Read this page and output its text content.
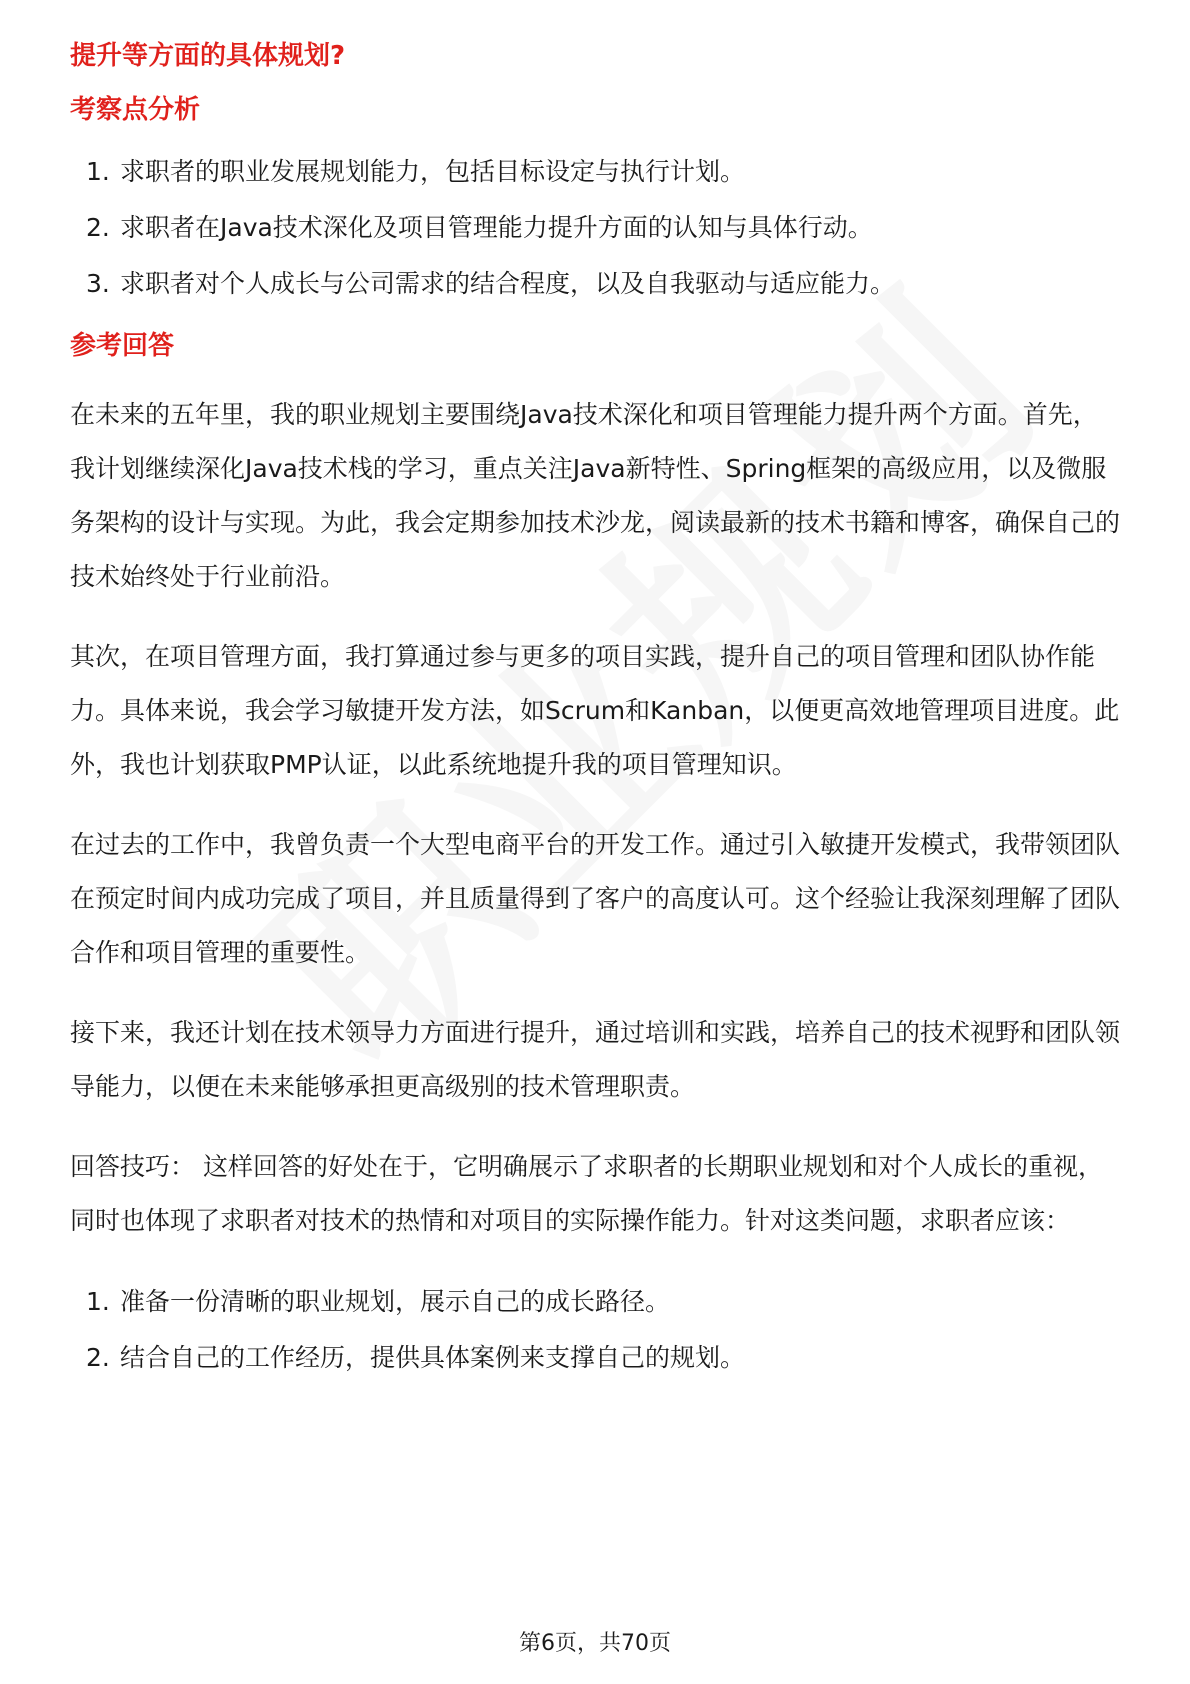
提升等方面的具体规划?
考察点分析
1. 求职者的职业发展规划能力，包括目标设定与执行计划。
2. 求职者在Java技术深化及项目管理能力提升方面的认知与具体行动。
3. 求职者对个人成长与公司需求的结合程度，以及自我驱动与适应能力。
参考回答

在未来的五年里，我的职业规划主要围绕Java技术深化和项目管理能力提升两个方面。首先，我计划继续深化Java技术栈的学习，重点关注Java新特性、Spring框架的高级应用，以及微服务架构的设计与实现。为此，我会定期参加技术沙龙，阅读最新的技术书籍和博客，确保自己的技术始终处于行业前沿。

其次，在项目管理方面，我打算通过参与更多的项目实践，提升自己的项目管理和团队协作能力。具体来说，我会学习敏捷开发方法，如Scrum和Kanban，以便更高效地管理项目进度。此外，我也计划获取PMP认证，以此系统地提升我的项目管理知识。

在过去的工作中，我曾负责一个大型电商平台的开发工作。通过引入敏捷开发模式，我带领团队在预定时间内成功完成了项目，并且质量得到了客户的高度认可。这个经验让我深刻理解了团队合作和项目管理的重要性。

接下来，我还计划在技术领导力方面进行提升，通过培训和实践，培养自己的技术视野和团队领导能力，以便在未来能够承担更高级别的技术管理职责。

回答技巧： 这样回答的好处在于，它明确展示了求职者的长期职业规划和对个人成长的重视，同时也体现了求职者对技术的热情和对项目的实际操作能力。针对这类问题，求职者应该：

1. 准备一份清晰的职业规划，展示自己的成长路径。
2. 结合自己的工作经历，提供具体案例来支撑自己的规划。
第6页，共70页
